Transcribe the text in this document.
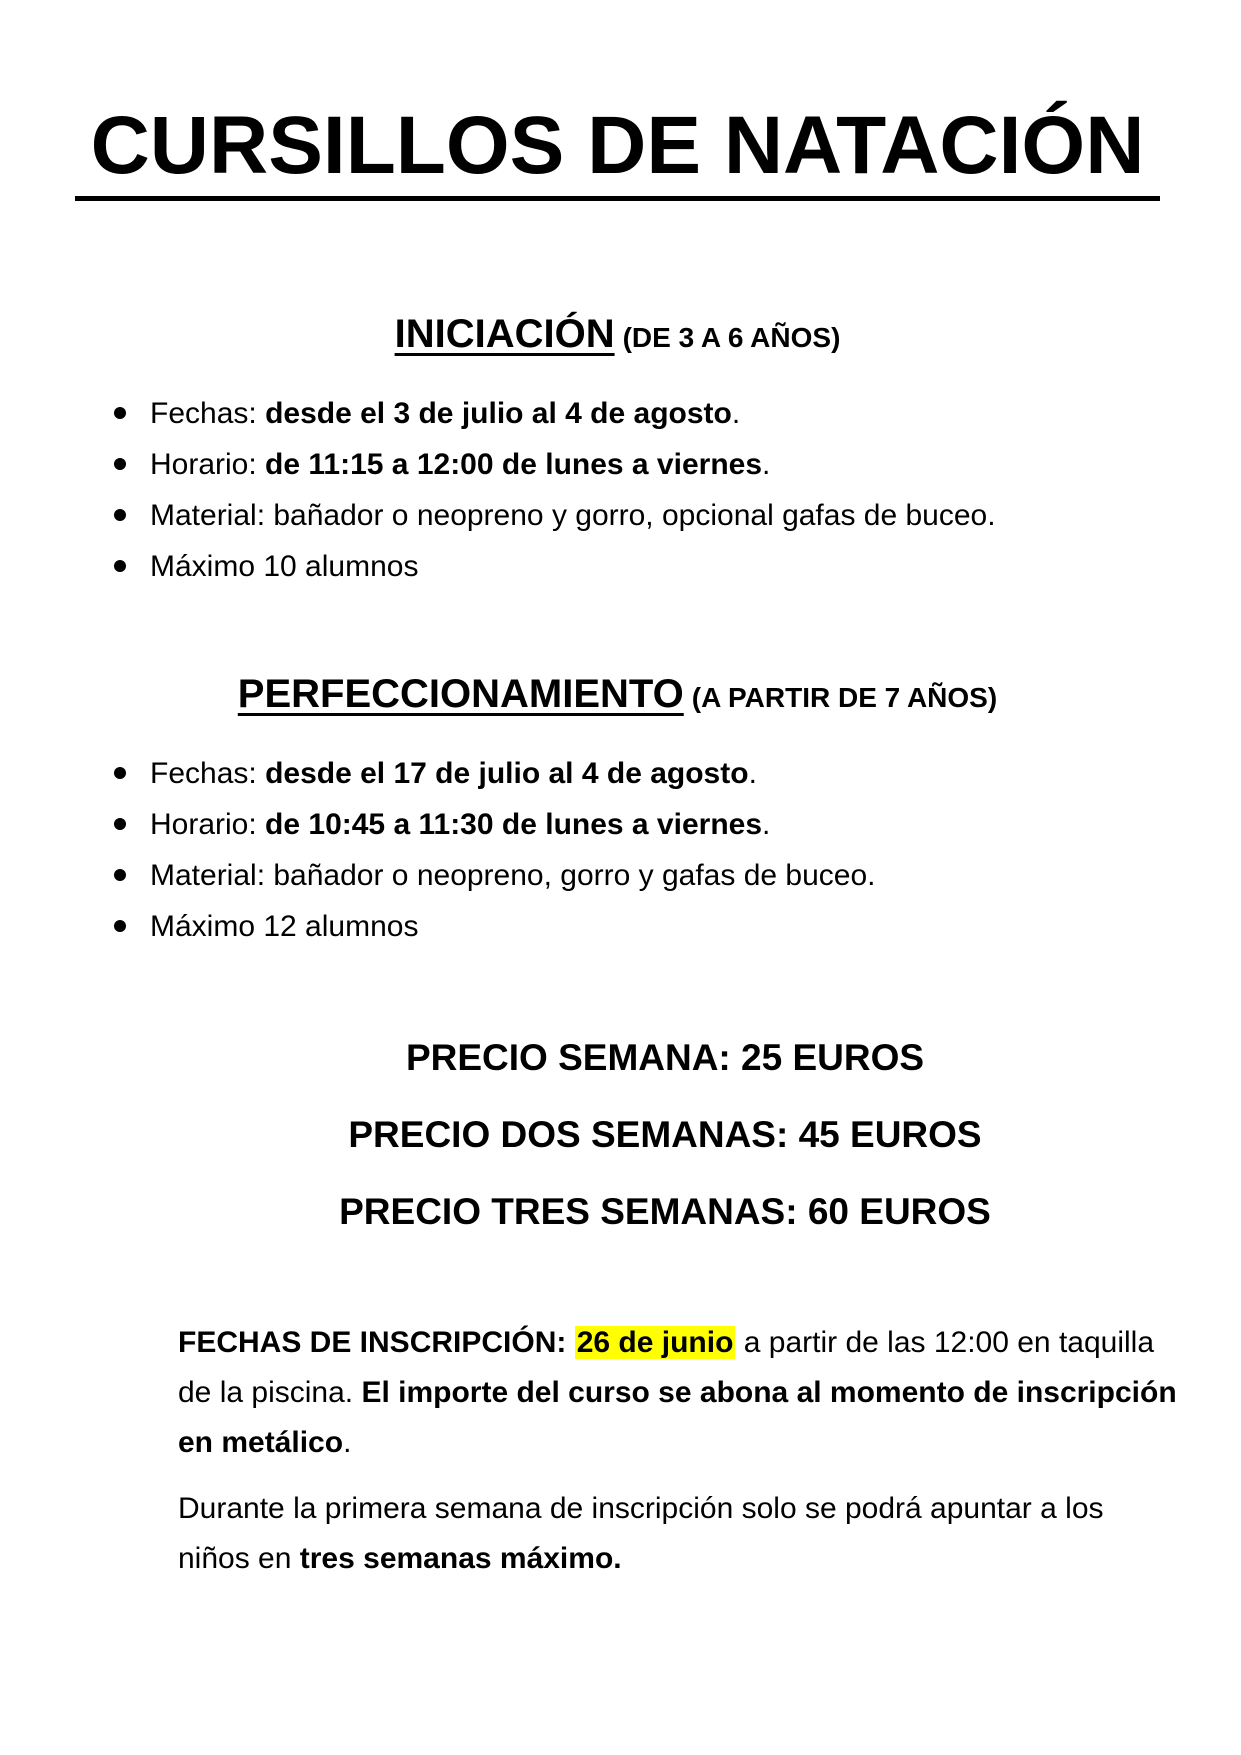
CURSILLOS DE NATACIÓN
INICIACIÓN (DE 3 A 6 AÑOS)
Fechas: desde el 3 de julio al 4 de agosto.
Horario: de 11:15 a 12:00 de lunes a viernes.
Material: bañador o neopreno y gorro, opcional gafas de buceo.
Máximo 10 alumnos
PERFECCIONAMIENTO (A PARTIR DE 7 AÑOS)
Fechas: desde el 17 de julio al 4 de agosto.
Horario: de 10:45 a 11:30 de lunes a viernes.
Material: bañador o neopreno, gorro y gafas de buceo.
Máximo 12 alumnos
PRECIO SEMANA: 25 EUROS
PRECIO DOS SEMANAS: 45 EUROS
PRECIO TRES SEMANAS: 60 EUROS

FECHAS DE INSCRIPCIÓN: 26 de junio a partir de las 12:00 en taquilla de la piscina. El importe del curso se abona al momento de inscripción en metálico.

Durante la primera semana de inscripción solo se podrá apuntar a los niños en tres semanas máximo.
